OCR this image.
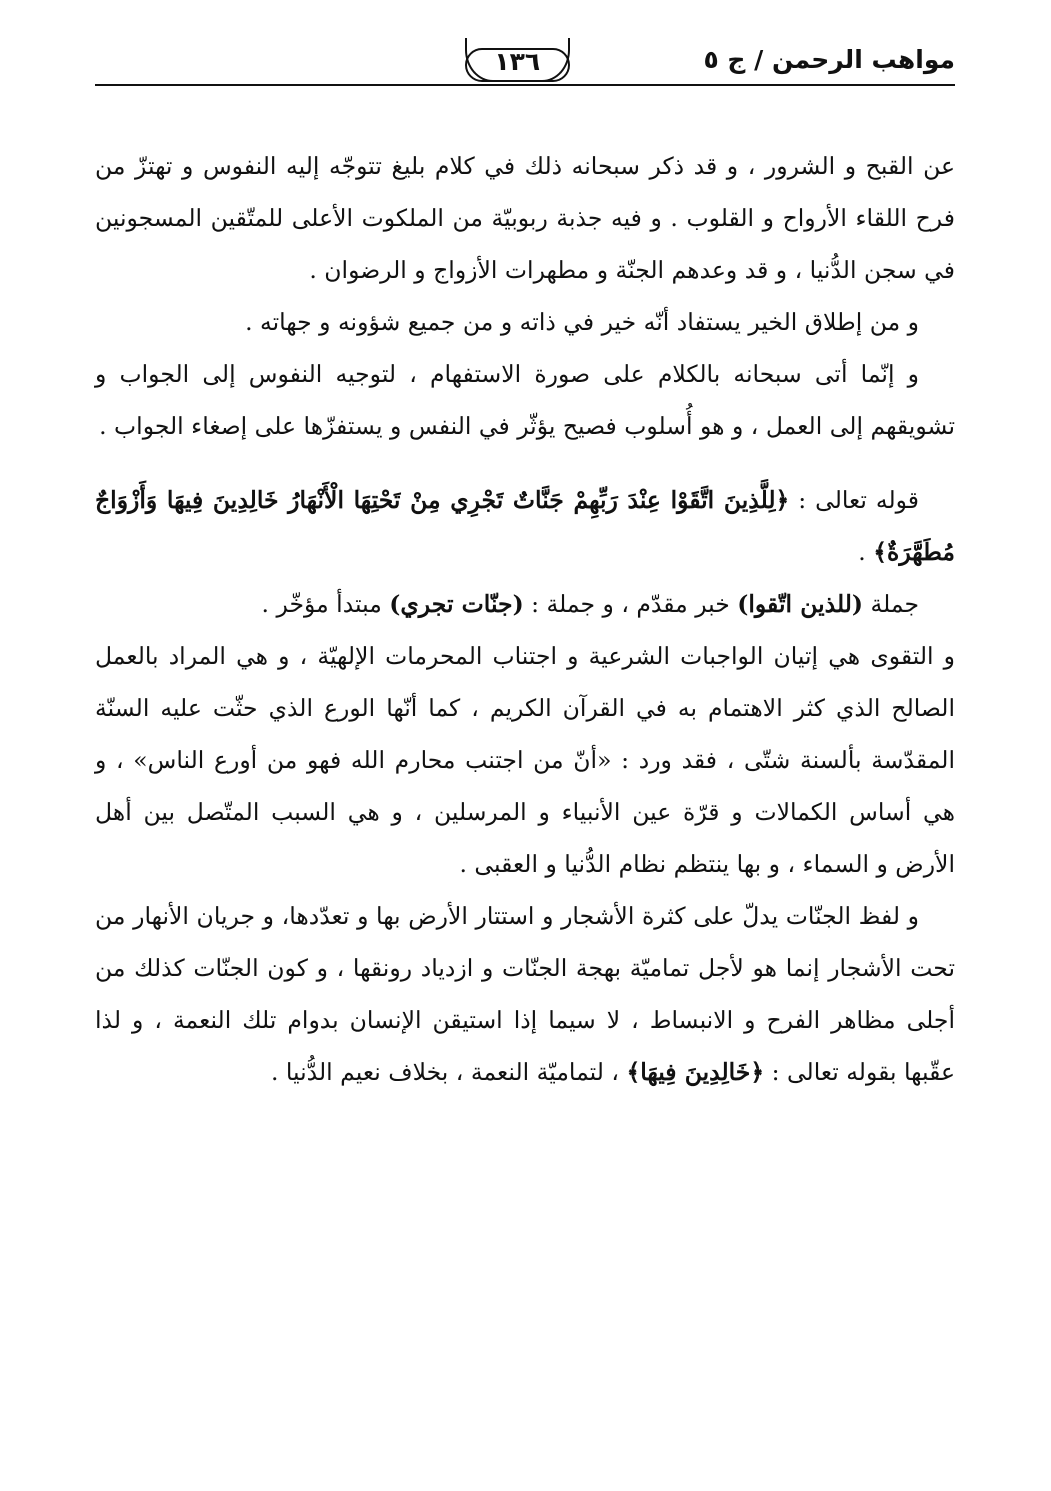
مواهب الرحمن / ج ٥
١٣٦

عن القبح و الشرور ، و قد ذكر سبحانه ذلك في كلام بليغ تتوجّه إليه النفوس و تهتزّ من فرح اللقاء الأرواح و القلوب . و فيه جذبة ربوبيّة من الملكوت الأعلى للمتّقين المسجونين في سجن الدُّنيا ، و قد وعدهم الجنّة و مطهرات الأزواج و الرضوان .

و من إطلاق الخير يستفاد أنّه خير في ذاته و من جميع شؤونه و جهاته .

و إنّما أتى سبحانه بالكلام على صورة الاستفهام ، لتوجيه النفوس إلى الجواب و تشويقهم إلى العمل ، و هو أُسلوب فصيح يؤثّر في النفس و يستفزّها على إصغاء الجواب .

قوله تعالى : ﴿لِلَّذِينَ اتَّقَوْا عِنْدَ رَبِّهِمْ جَنَّاتٌ تَجْرِي مِنْ تَحْتِهَا الْأَنْهَارُ خَالِدِينَ فِيهَا وَأَزْوَاجٌ مُطَهَّرَةٌ﴾ .

جملة (للذين اتّقوا) خبر مقدّم ، و جملة : (جنّات تجري) مبتدأ مؤخّر .

و التقوى هي إتيان الواجبات الشرعية و اجتناب المحرمات الإلهيّة ، و هي المراد بالعمل الصالح الذي كثر الاهتمام به في القرآن الكريم ، كما أنّها الورع الذي حثّت عليه السنّة المقدّسة بألسنة شتّى ، فقد ورد : «أنّ من اجتنب محارم الله فهو من أورع الناس» ، و هي أساس الكمالات و قرّة عين الأنبياء و المرسلين ، و هي السبب المتّصل بين أهل الأرض و السماء ، و بها ينتظم نظام الدُّنيا و العقبى .

و لفظ الجنّات يدلّ على كثرة الأشجار و استتار الأرض بها و تعدّدها، و جريان الأنهار من تحت الأشجار إنما هو لأجل تماميّة بهجة الجنّات و ازدياد رونقها ، و كون الجنّات كذلك من أجلى مظاهر الفرح و الانبساط ، لا سيما إذا استيقن الإنسان بدوام تلك النعمة ، و لذا عقّبها بقوله تعالى : ﴿خَالِدِينَ فِيهَا﴾ ، لتماميّة النعمة ، بخلاف نعيم الدُّنيا .
